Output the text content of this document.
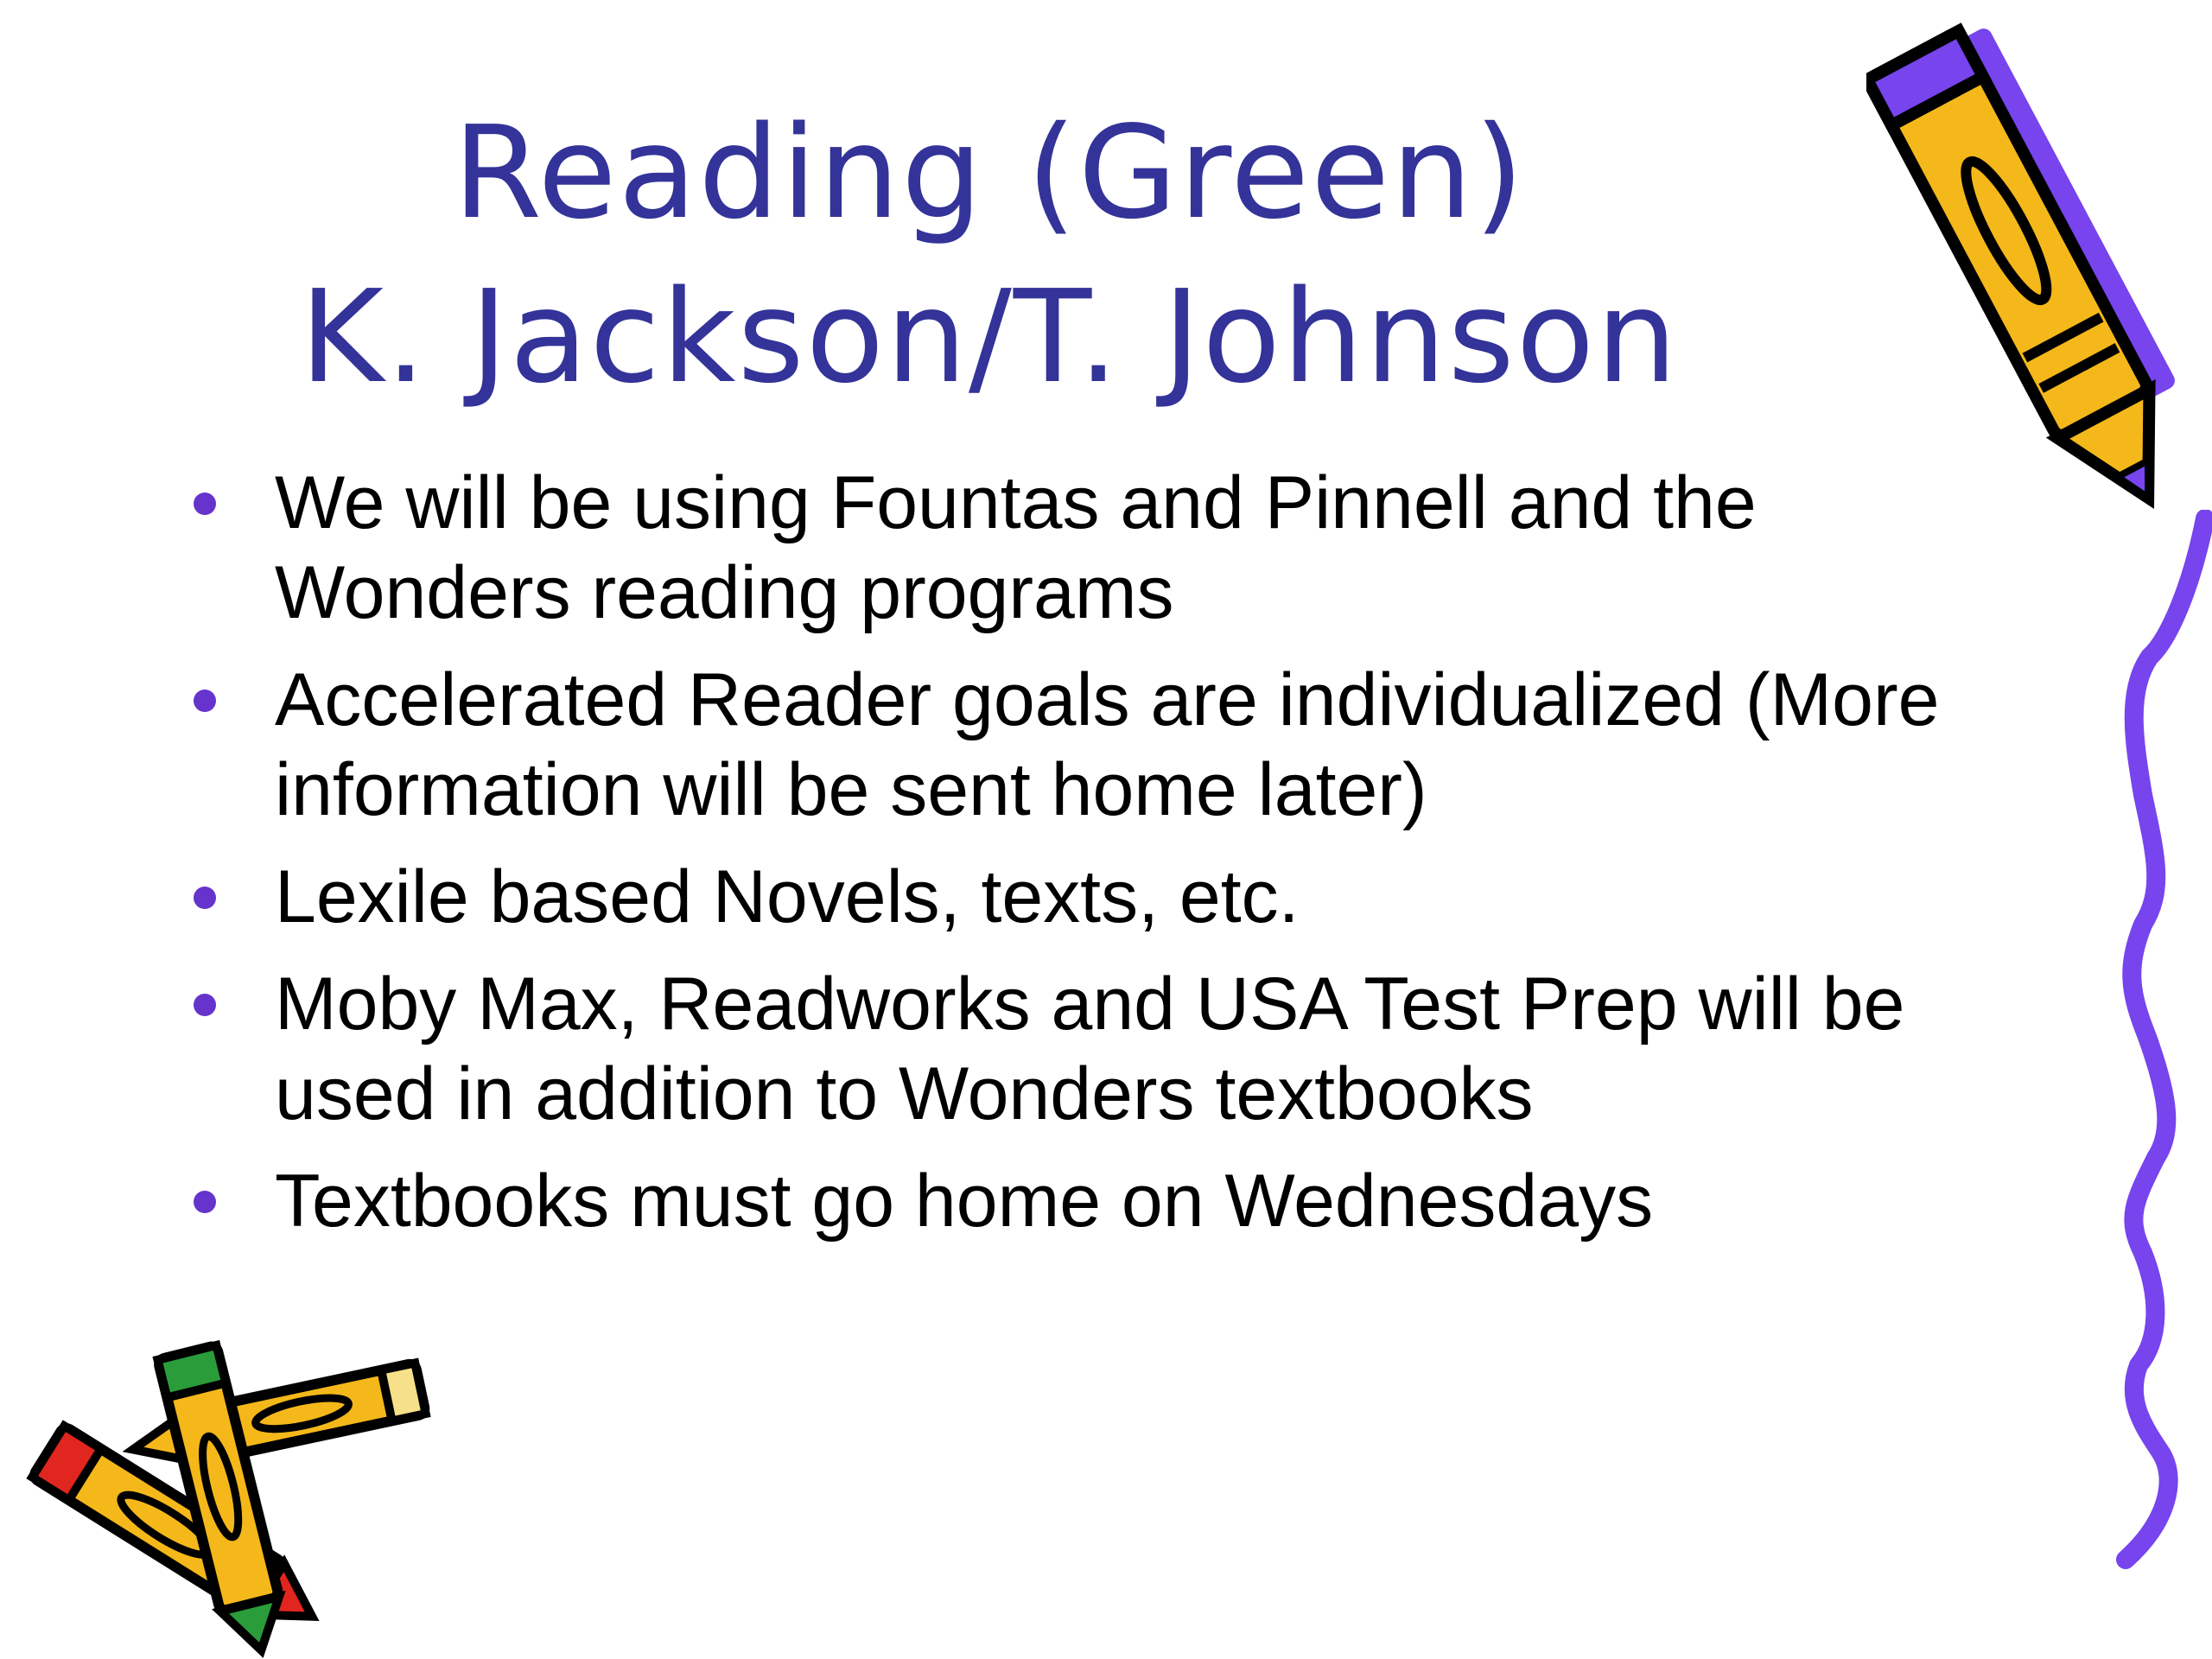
Reading (Green)
K. Jackson/T. Johnson
We will be using Fountas and Pinnell and the Wonders reading programs
Accelerated Reader goals are individualized (More information will be sent home later)
Lexile based Novels, texts, etc.
Moby Max, Readworks and USA Test Prep will be used in addition to Wonders textbooks
Textbooks must go home on Wednesdays
